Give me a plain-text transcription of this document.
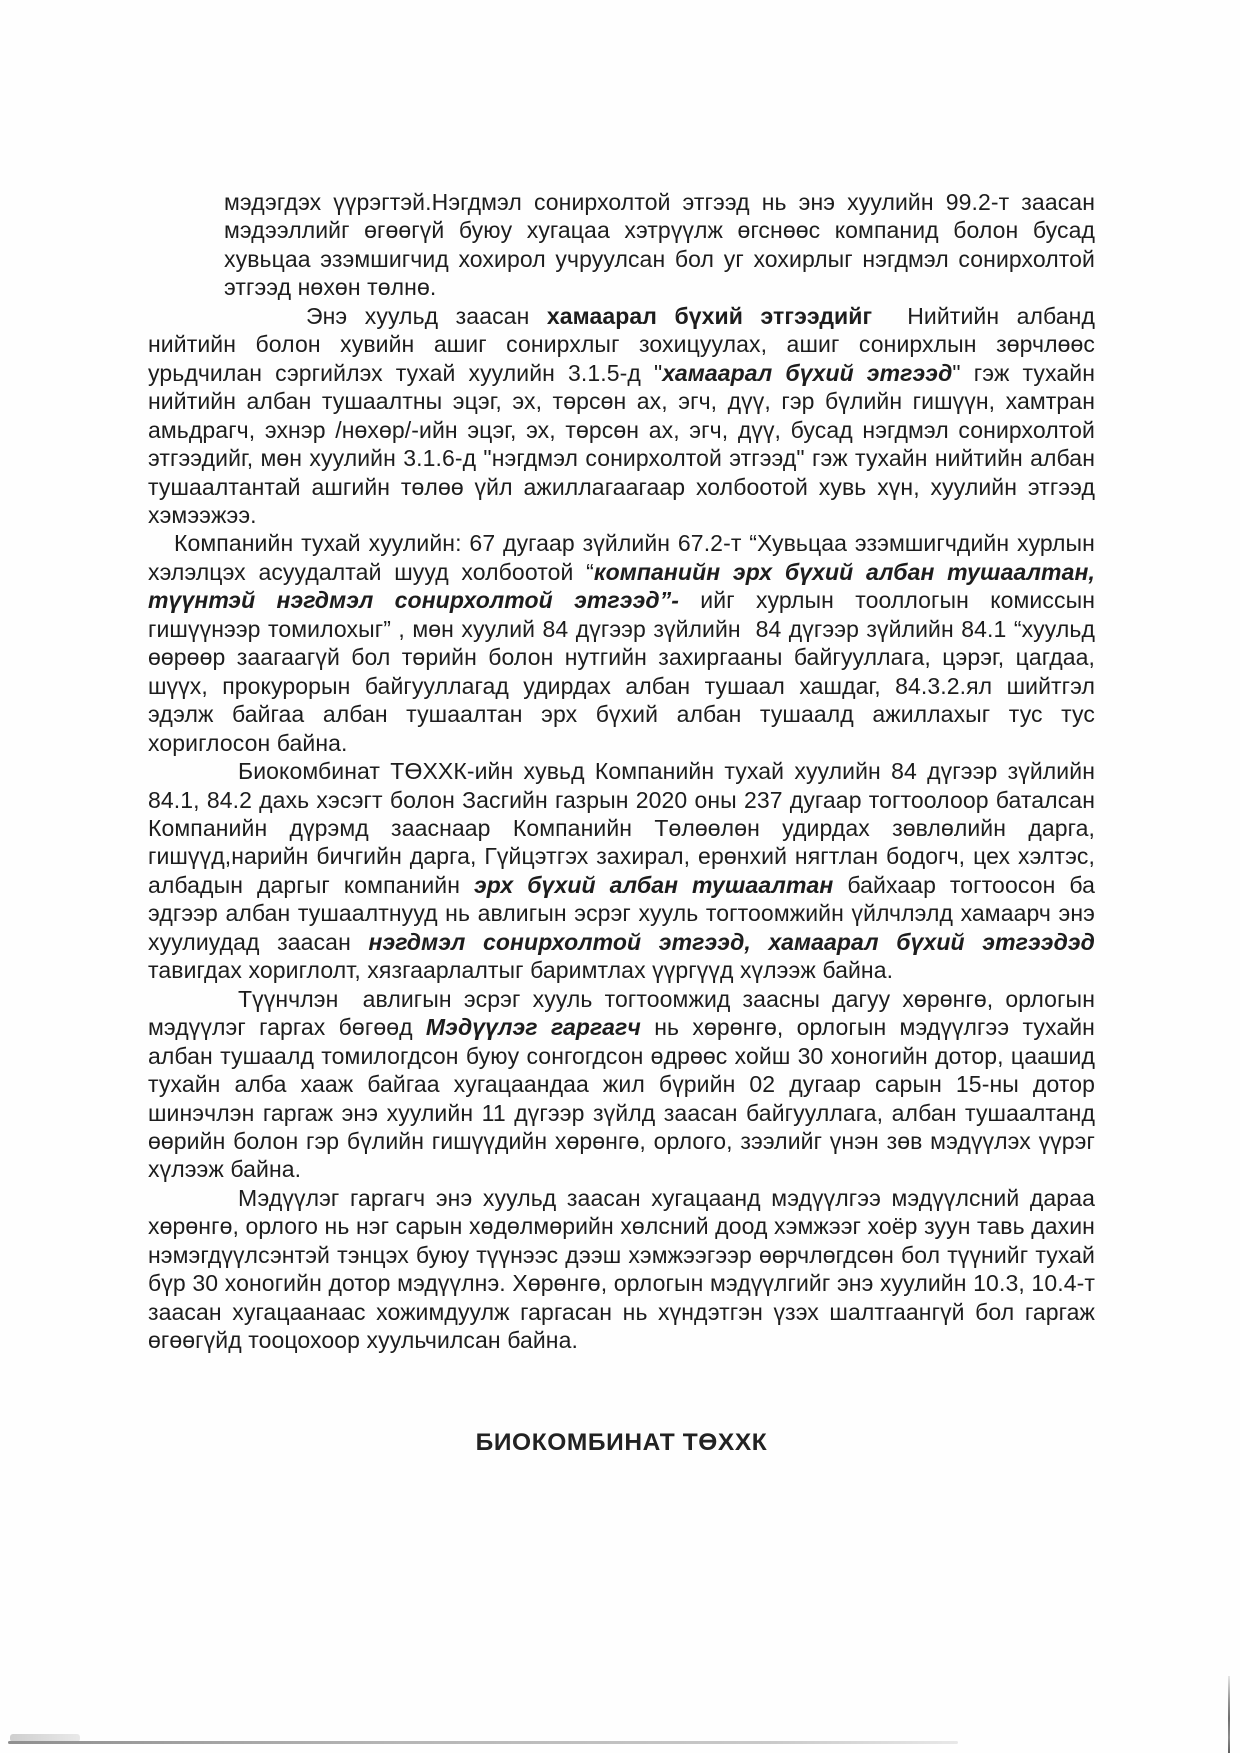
мэдэгдэх үүрэгтэй.Нэгдмэл сонирхолтой этгээд нь энэ хуулийн 99.2-т заасан мэдээллийг өгөөгүй буюу хугацаа хэтрүүлж өгснөөс компанид болон бусад хувьцаа эзэмшигчид хохирол учруулсан бол уг хохирлыг нэгдмэл сонирхолтой этгээд нөхөн төлнө.

Энэ хуульд заасан хамаарал бүхий этгээдийг  Нийтийн албанд нийтийн болон хувийн ашиг сонирхлыг зохицуулах, ашиг сонирхлын зөрчлөөс урьдчилан сэргийлэх тухай хуулийн 3.1.5-д "хамаарал бүхий этгээд" гэж тухайн нийтийн албан тушаалтны эцэг, эх, төрсөн ах, эгч, дүү, гэр бүлийн гишүүн, хамтран амьдрагч, эхнэр /нөхөр/-ийн эцэг, эх, төрсөн ах, эгч, дүү, бусад нэгдмэл сонирхолтой этгээдийг, мөн хуулийн 3.1.6-д "нэгдмэл сонирхолтой этгээд" гэж тухайн нийтийн албан тушаалтантай ашгийн төлөө үйл ажиллагаагаар холбоотой хувь хүн, хуулийн этгээд хэмээжээ.

Компанийн тухай хуулийн: 67 дугаар зүйлийн 67.2-т “Хувьцаа эзэмшигчдийн хурлын хэлэлцэх асуудалтай шууд холбоотой “компанийн эрх бүхий албан тушаалтан, түүнтэй нэгдмэл сонирхолтой этгээд”- ийг хурлын тооллогын комиссын гишүүнээр томилохыг” , мөн хуулий 84 дүгээр зүйлийн  84 дүгээр зүйлийн 84.1 “хуульд өөрөөр заагаагүй бол төрийн болон нутгийн захиргааны байгууллага, цэрэг, цагдаа, шүүх, прокурорын байгууллагад удирдах албан тушаал хашдаг, 84.3.2.ял шийтгэл эдэлж байгаа албан тушаалтан эрх бүхий албан тушаалд ажиллахыг тус тус хориглосон байна.

Биокомбинат ТӨХХК-ийн хувьд Компанийн тухай хуулийн 84 дүгээр зүйлийн 84.1, 84.2 дахь хэсэгт болон Засгийн газрын 2020 оны 237 дугаар тогтоолоор баталсан Компанийн дүрэмд зааснаар Компанийн Төлөөлөн удирдах зөвлөлийн дарга, гишүүд,нарийн бичгийн дарга, Гүйцэтгэх захирал, ерөнхий нягтлан бодогч, цех хэлтэс, албадын даргыг компанийн эрх бүхий албан тушаалтан байхаар тогтоосон ба эдгээр албан тушаалтнууд нь авлигын эсрэг хууль тогтоомжийн үйлчлэлд хамаарч энэ хуулиудад заасан нэгдмэл сонирхолтой этгээд, хамаарал бүхий этгээдэд тавигдах хориглолт, хязгаарлалтыг баримтлах үүргүүд хүлээж байна.

Түүнчлэн  авлигын эсрэг хууль тогтоомжид заасны дагуу хөрөнгө, орлогын мэдүүлэг гаргах бөгөөд Мэдүүлэг гаргагч нь хөрөнгө, орлогын мэдүүлгээ тухайн албан тушаалд томилогдсон буюу сонгогдсон өдрөөс хойш 30 хоногийн дотор, цаашид тухайн алба хааж байгаа хугацаандаа жил бүрийн 02 дугаар сарын 15-ны дотор шинэчлэн гаргаж энэ хуулийн 11 дүгээр зүйлд заасан байгууллага, албан тушаалтанд өөрийн болон гэр бүлийн гишүүдийн хөрөнгө, орлого, зээлийг үнэн зөв мэдүүлэх үүрэг хүлээж байна.

Мэдүүлэг гаргагч энэ хуульд заасан хугацаанд мэдүүлгээ мэдүүлсний дараа хөрөнгө, орлого нь нэг сарын хөдөлмөрийн хөлсний доод хэмжээг хоёр зуун тавь дахин нэмэгдүүлсэнтэй тэнцэх буюу түүнээс дээш хэмжээгээр өөрчлөгдсөн бол түүнийг тухай бүр 30 хоногийн дотор мэдүүлнэ. Хөрөнгө, орлогын мэдүүлгийг энэ хуулийн 10.3, 10.4-т заасан хугацаанаас хожимдуулж гаргасан нь хүндэтгэн үзэх шалтгаангүй бол гаргаж өгөөгүйд тооцохоор хуульчилсан байна.

БИОКОМБИНАТ ТӨХХК
